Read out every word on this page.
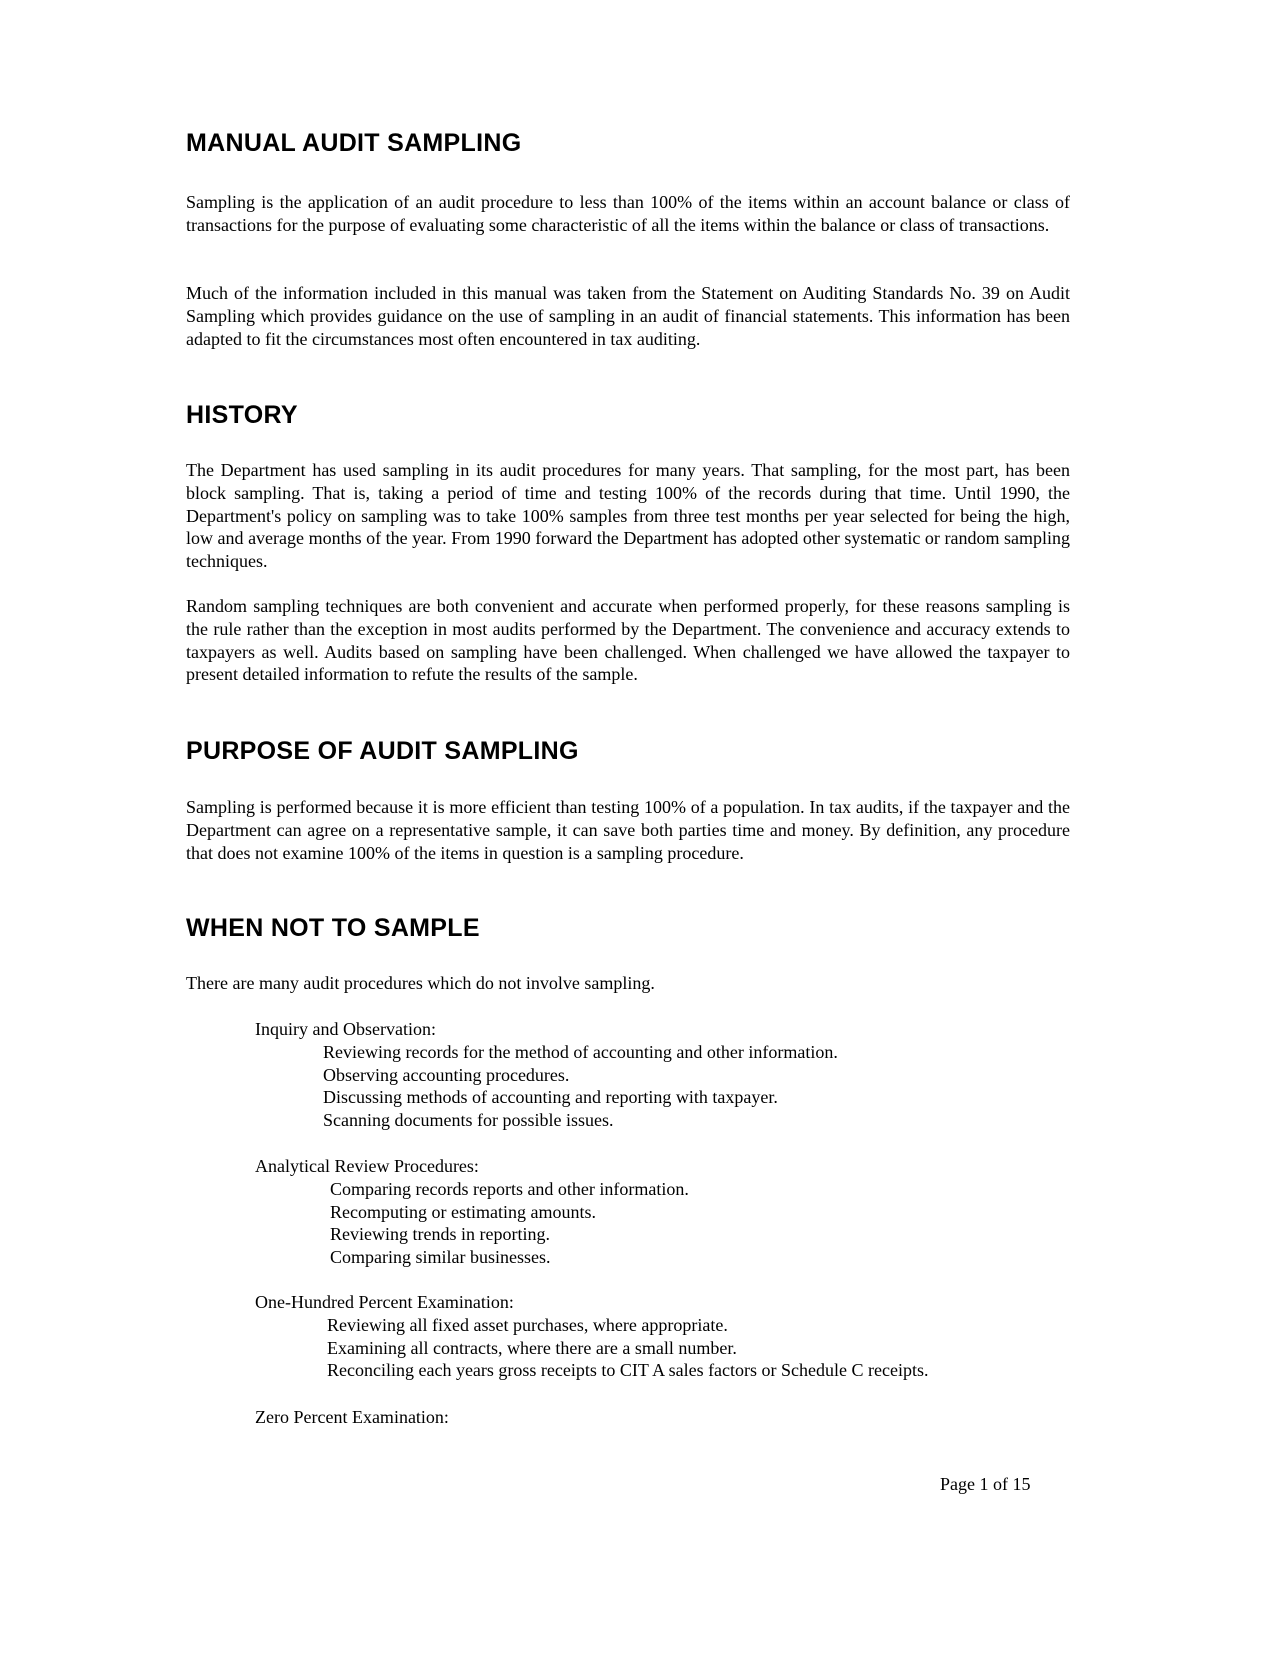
MANUAL AUDIT SAMPLING

Sampling is the application of an audit procedure to less than 100% of the items within an account balance or class of transactions for the purpose of evaluating some characteristic of all the items within the balance or class of transactions.

Much of the information included in this manual was taken from the Statement on Auditing Standards No. 39 on Audit Sampling which provides guidance on the use of sampling in an audit of financial statements. This information has been adapted to fit the circumstances most often encountered in tax auditing.

HISTORY

The Department has used sampling in its audit procedures for many years. That sampling, for the most part, has been block sampling. That is, taking a period of time and testing 100% of the records during that time. Until 1990, the Department's policy on sampling was to take 100% samples from three test months per year selected for being the high, low and average months of the year. From 1990 forward the Department has adopted other systematic or random sampling techniques.

Random sampling techniques are both convenient and accurate when performed properly, for these reasons sampling is the rule rather than the exception in most audits performed by the Department. The convenience and accuracy extends to taxpayers as well. Audits based on sampling have been challenged. When challenged we have allowed the taxpayer to present detailed information to refute the results of the sample.

PURPOSE OF AUDIT SAMPLING

Sampling is performed because it is more efficient than testing 100% of a population. In tax audits, if the taxpayer and the Department can agree on a representative sample, it can save both parties time and money. By definition, any procedure that does not examine 100% of the items in question is a sampling procedure.

WHEN NOT TO SAMPLE

There are many audit procedures which do not involve sampling.

Inquiry and Observation:
Reviewing records for the method of accounting and other information.
Observing accounting procedures.
Discussing methods of accounting and reporting with taxpayer.
Scanning documents for possible issues.
Analytical Review Procedures:
Comparing records reports and other information.
Recomputing or estimating amounts.
Reviewing trends in reporting.
Comparing similar businesses.
One-Hundred Percent Examination:
Reviewing all fixed asset purchases, where appropriate.
Examining all contracts, where there are a small number.
Reconciling each years gross receipts to CIT A sales factors or Schedule C receipts.
Zero Percent Examination:
Page 1 of 15
